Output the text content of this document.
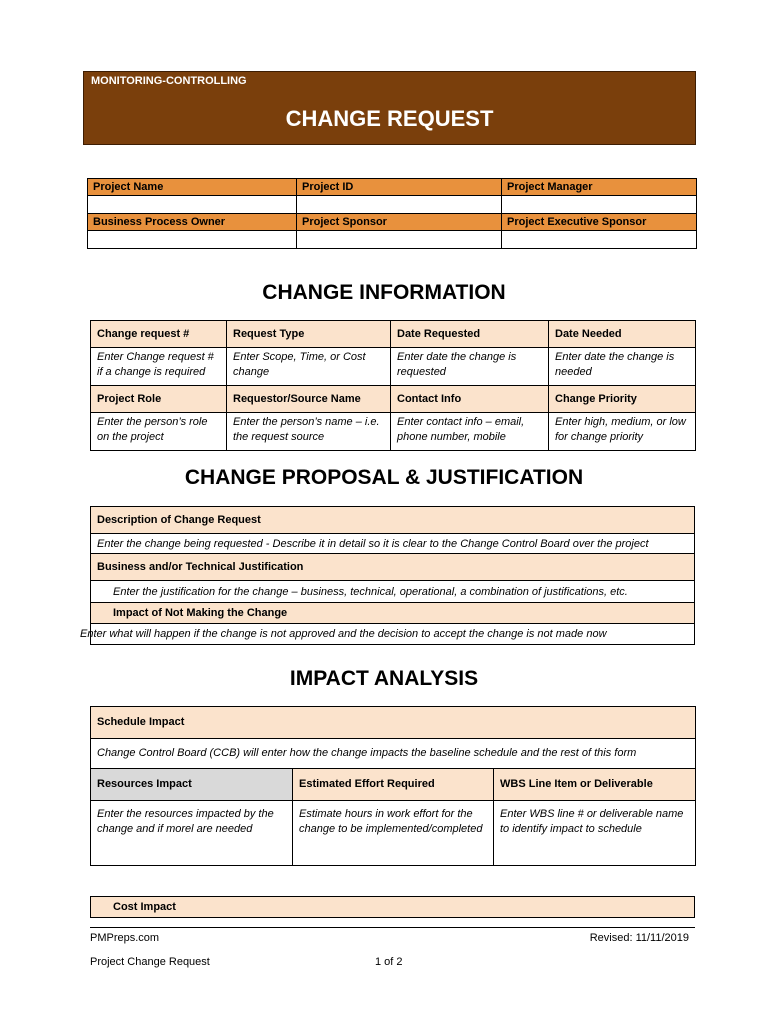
MONITORING-CONTROLLING
CHANGE REQUEST
Project Name	Project ID	Project Manager

Business Process Owner	Project Sponsor	Project Executive Sponsor

CHANGE INFORMATION
Change request #	Request Type	Date Requested	Date Needed
Enter Change request # if a change is required	Enter Scope, Time, or Cost change	Enter date the change is requested	Enter date the change is needed
Project Role	Requestor/Source Name	Contact Info	Change Priority
Enter the person’s role on the project	Enter the person’s name – i.e. the request source	Enter contact info – email, phone number, mobile	Enter high, medium, or low for change priority
CHANGE PROPOSAL & JUSTIFICATION
Description of Change Request
Enter the change being requested - Describe it in detail so it is clear to the Change Control Board over the project
Business and/or Technical Justification
Enter the justification for the change – business, technical, operational, a combination of justifications, etc.
Impact of Not Making the Change
Enter what will happen if the change is not approved and the decision to accept the change is not made now
IMPACT ANALYSIS
Schedule Impact		
Change Control Board (CCB) will enter how the change impacts the baseline schedule and the rest of this form		
Resources Impact	Estimated Effort Required	WBS Line Item or Deliverable
Enter the resources impacted by the change and if morel are needed	Estimate hours in work effort for the change to be implemented/completed	Enter WBS line # or deliverable name to identify impact to schedule
Cost Impact
PMPreps.com	Revised: 11/11/2019
Project Change Request	1 of 2
